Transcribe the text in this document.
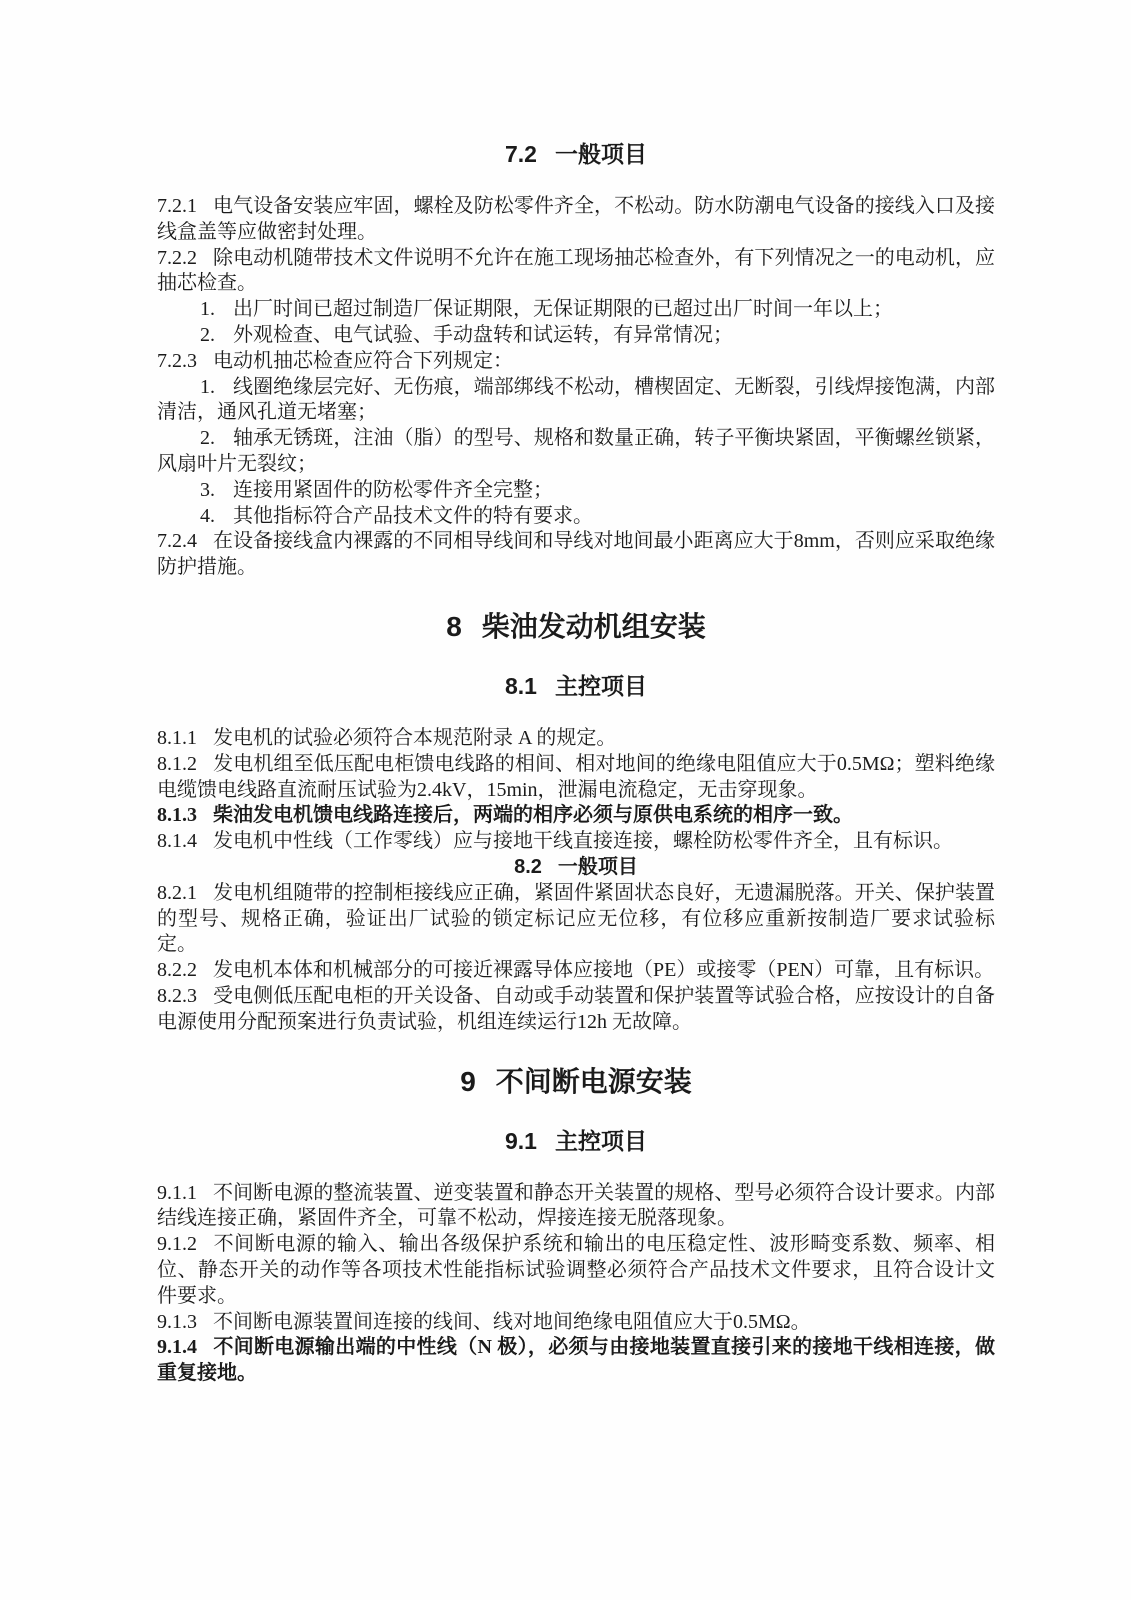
7.2 一般项目

7.2.1 电气设备安装应牢固，螺栓及防松零件齐全，不松动。防水防潮电气设备的接线入口及接线盒盖等应做密封处理。

7.2.2 除电动机随带技术文件说明不允许在施工现场抽芯检查外，有下列情况之一的电动机，应抽芯检查。

1. 出厂时间已超过制造厂保证期限，无保证期限的已超过出厂时间一年以上；

2. 外观检查、电气试验、手动盘转和试运转，有异常情况；

7.2.3 电动机抽芯检查应符合下列规定：

1. 线圈绝缘层完好、无伤痕，端部绑线不松动，槽楔固定、无断裂，引线焊接饱满，内部清洁，通风孔道无堵塞；

2. 轴承无锈斑，注油（脂）的型号、规格和数量正确，转子平衡块紧固，平衡螺丝锁紧，风扇叶片无裂纹；

3. 连接用紧固件的防松零件齐全完整；

4. 其他指标符合产品技术文件的特有要求。

7.2.4 在设备接线盒内裸露的不同相导线间和导线对地间最小距离应大于8mm，否则应采取绝缘防护措施。

8 柴油发动机组安装
8.1 主控项目

8.1.1 发电机的试验必须符合本规范附录 A 的规定。

8.1.2 发电机组至低压配电柜馈电线路的相间、相对地间的绝缘电阻值应大于0.5MΩ；塑料绝缘电缆馈电线路直流耐压试验为2.4kV，15min，泄漏电流稳定，无击穿现象。

8.1.3 柴油发电机馈电线路连接后，两端的相序必须与原供电系统的相序一致。

8.1.4 发电机中性线（工作零线）应与接地干线直接连接，螺栓防松零件齐全，且有标识。

8.2 一般项目

8.2.1 发电机组随带的控制柜接线应正确，紧固件紧固状态良好，无遗漏脱落。开关、保护装置的型号、规格正确，验证出厂试验的锁定标记应无位移，有位移应重新按制造厂要求试验标定。

8.2.2 发电机本体和机械部分的可接近裸露导体应接地（PE）或接零（PEN）可靠，且有标识。

8.2.3 受电侧低压配电柜的开关设备、自动或手动装置和保护装置等试验合格，应按设计的自备电源使用分配预案进行负责试验，机组连续运行12h 无故障。

9 不间断电源安装
9.1 主控项目

9.1.1 不间断电源的整流装置、逆变装置和静态开关装置的规格、型号必须符合设计要求。内部结线连接正确，紧固件齐全，可靠不松动，焊接连接无脱落现象。

9.1.2 不间断电源的输入、输出各级保护系统和输出的电压稳定性、波形畸变系数、频率、相位、静态开关的动作等各项技术性能指标试验调整必须符合产品技术文件要求，且符合设计文件要求。

9.1.3 不间断电源装置间连接的线间、线对地间绝缘电阻值应大于0.5MΩ。

9.1.4 不间断电源输出端的中性线（N 极），必须与由接地装置直接引来的接地干线相连接，做重复接地。
